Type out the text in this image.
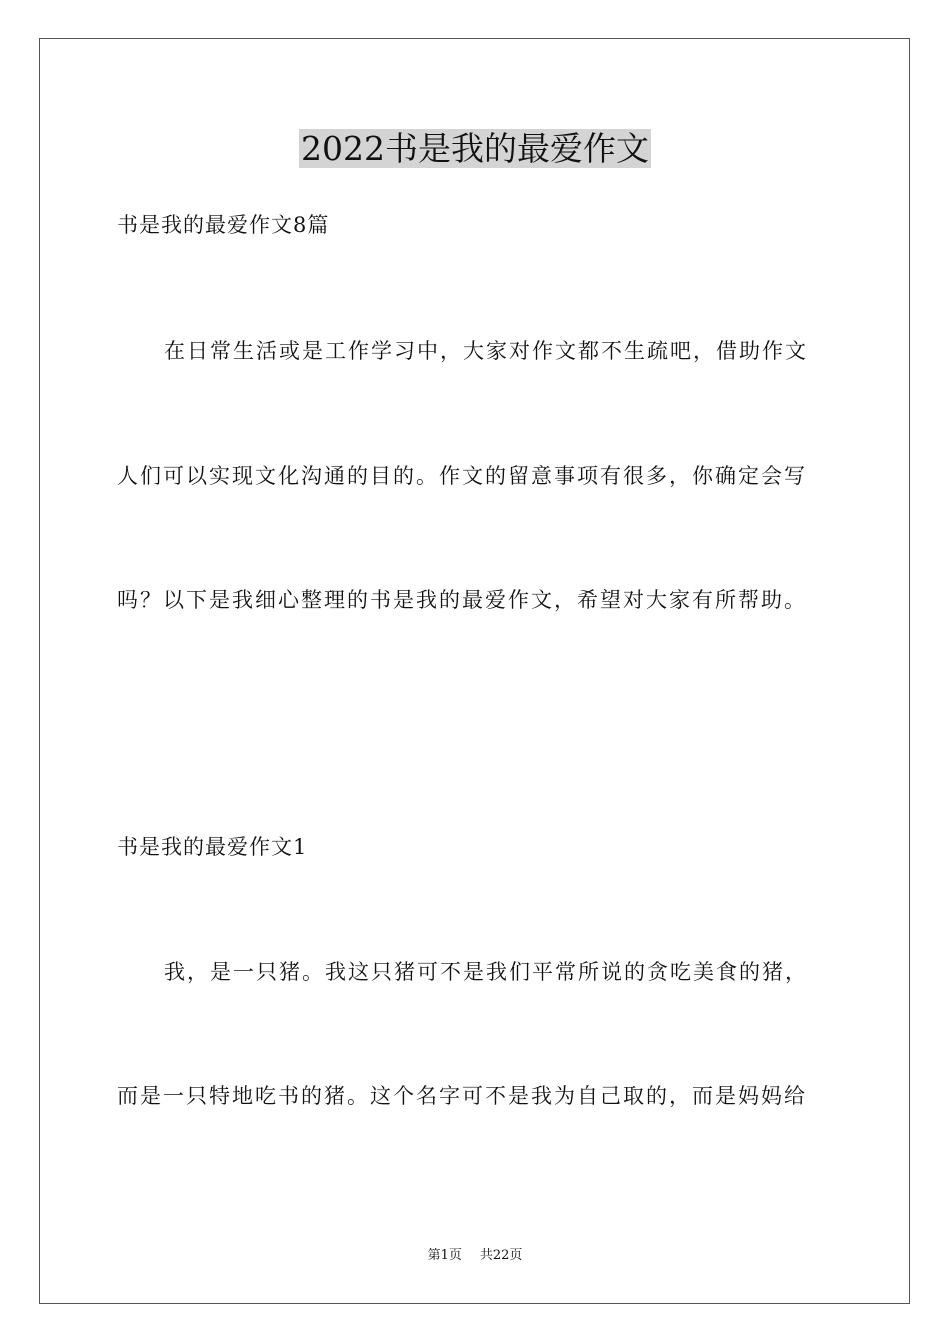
2022书是我的最爱作文
书是我的最爱作文8篇
在日常生活或是工作学习中，大家对作文都不生疏吧，借助作文
人们可以实现文化沟通的目的。作文的留意事项有很多，你确定会写
吗？以下是我细心整理的书是我的最爱作文，希望对大家有所帮助。
书是我的最爱作文1
我，是一只猪。我这只猪可不是我们平常所说的贪吃美食的猪，
而是一只特地吃书的猪。这个名字可不是我为自己取的，而是妈妈给
第1页 共22页
